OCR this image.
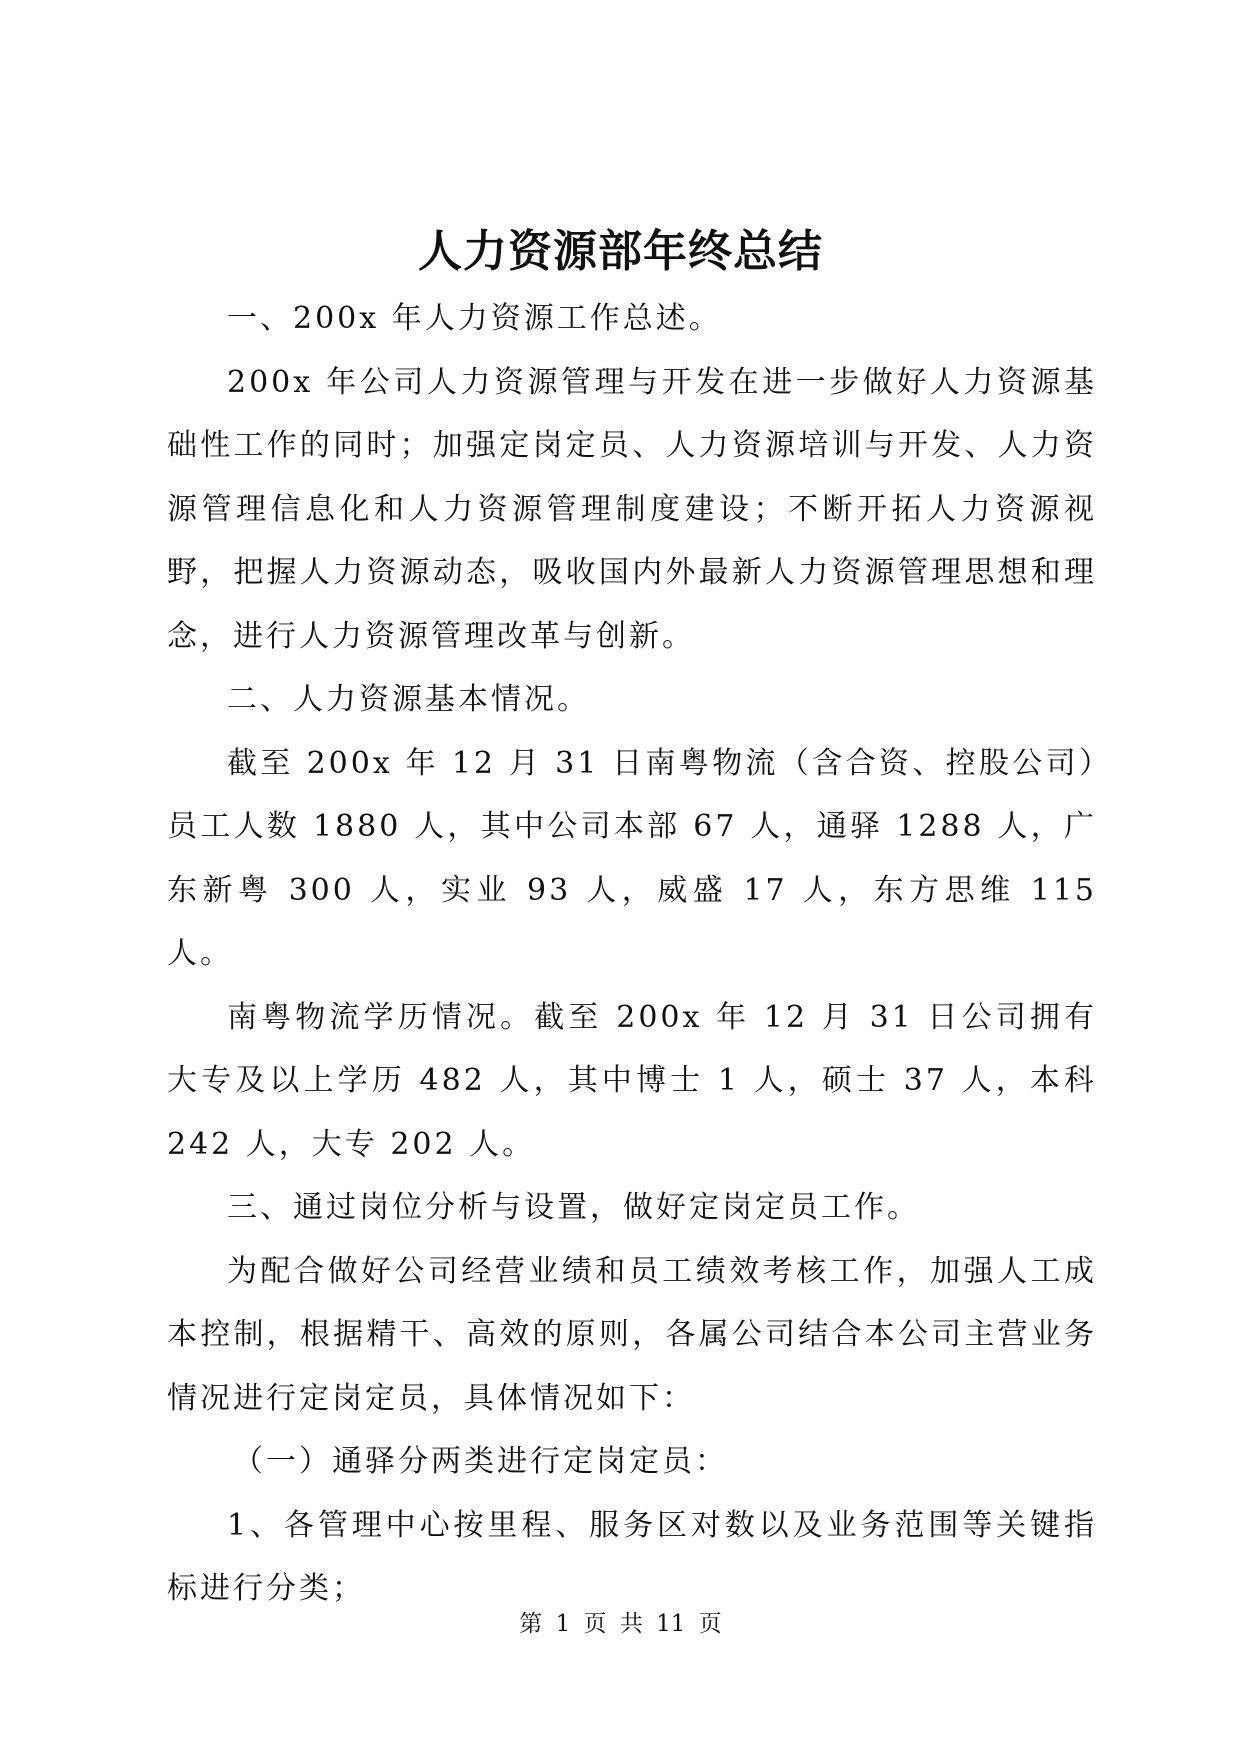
人力资源部年终总结

一、200x 年人力资源工作总述。

200x 年公司人力资源管理与开发在进一步做好人力资源基础性工作的同时；加强定岗定员、人力资源培训与开发、人力资源管理信息化和人力资源管理制度建设；不断开拓人力资源视野，把握人力资源动态，吸收国内外最新人力资源管理思想和理念，进行人力资源管理改革与创新。

二、人力资源基本情况。

截至 200x 年 12 月 31 日南粤物流（含合资、控股公司）员工人数 1880 人，其中公司本部 67 人，通驿 1288 人，广东新粤 300 人，实业 93 人，威盛 17 人，东方思维 115 人。

南粤物流学历情况。截至 200x 年 12 月 31 日公司拥有大专及以上学历 482 人，其中博士 1 人，硕士 37 人，本科 242 人，大专 202 人。

三、通过岗位分析与设置，做好定岗定员工作。

为配合做好公司经营业绩和员工绩效考核工作，加强人工成本控制，根据精干、高效的原则，各属公司结合本公司主营业务情况进行定岗定员，具体情况如下：

（一）通驿分两类进行定岗定员：

1、各管理中心按里程、服务区对数以及业务范围等关键指标进行分类；

第 1 页 共 11 页
